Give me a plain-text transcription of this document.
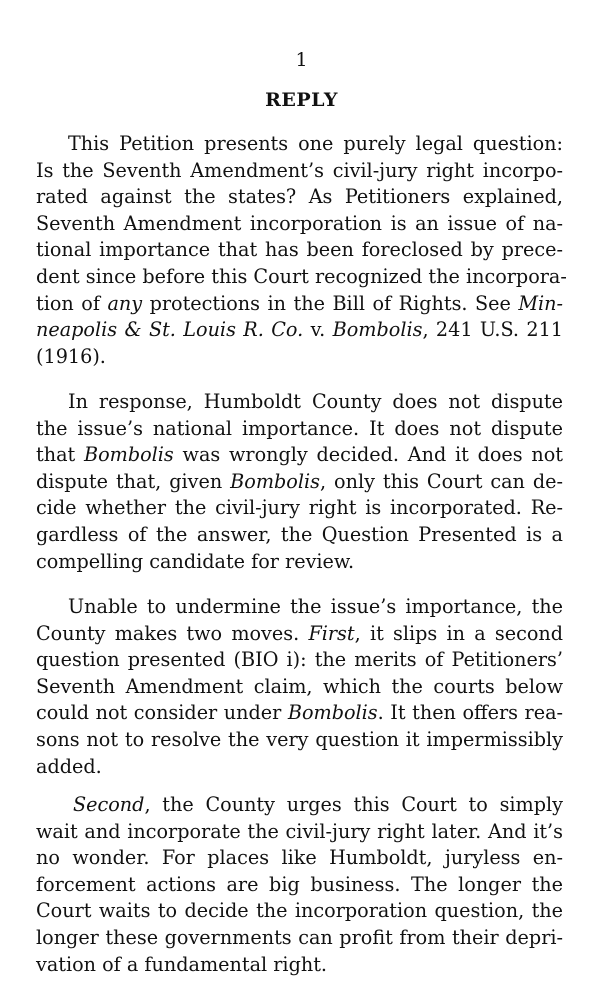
1
REPLY
This Petition presents one purely legal question:
Is the Seventh Amendment’s civil-jury right incorpo-
rated against the states? As Petitioners explained,
Seventh Amendment incorporation is an issue of na-
tional importance that has been foreclosed by prece-
dent since before this Court recognized the incorpora-
tion of any protections in the Bill of Rights. See Min-
neapolis & St. Louis R. Co. v. Bombolis, 241 U.S. 211
(1916).
In response, Humboldt County does not dispute
the issue’s national importance. It does not dispute
that Bombolis was wrongly decided. And it does not
dispute that, given Bombolis, only this Court can de-
cide whether the civil-jury right is incorporated. Re-
gardless of the answer, the Question Presented is a
compelling candidate for review.
Unable to undermine the issue’s importance, the
County makes two moves. First, it slips in a second
question presented (BIO i): the merits of Petitioners’
Seventh Amendment claim, which the courts below
could not consider under Bombolis. It then offers rea-
sons not to resolve the very question it impermissibly
added.
Second, the County urges this Court to simply
wait and incorporate the civil-jury right later. And it’s
no wonder. For places like Humboldt, juryless en-
forcement actions are big business. The longer the
Court waits to decide the incorporation question, the
longer these governments can profit from their depri-
vation of a fundamental right.
